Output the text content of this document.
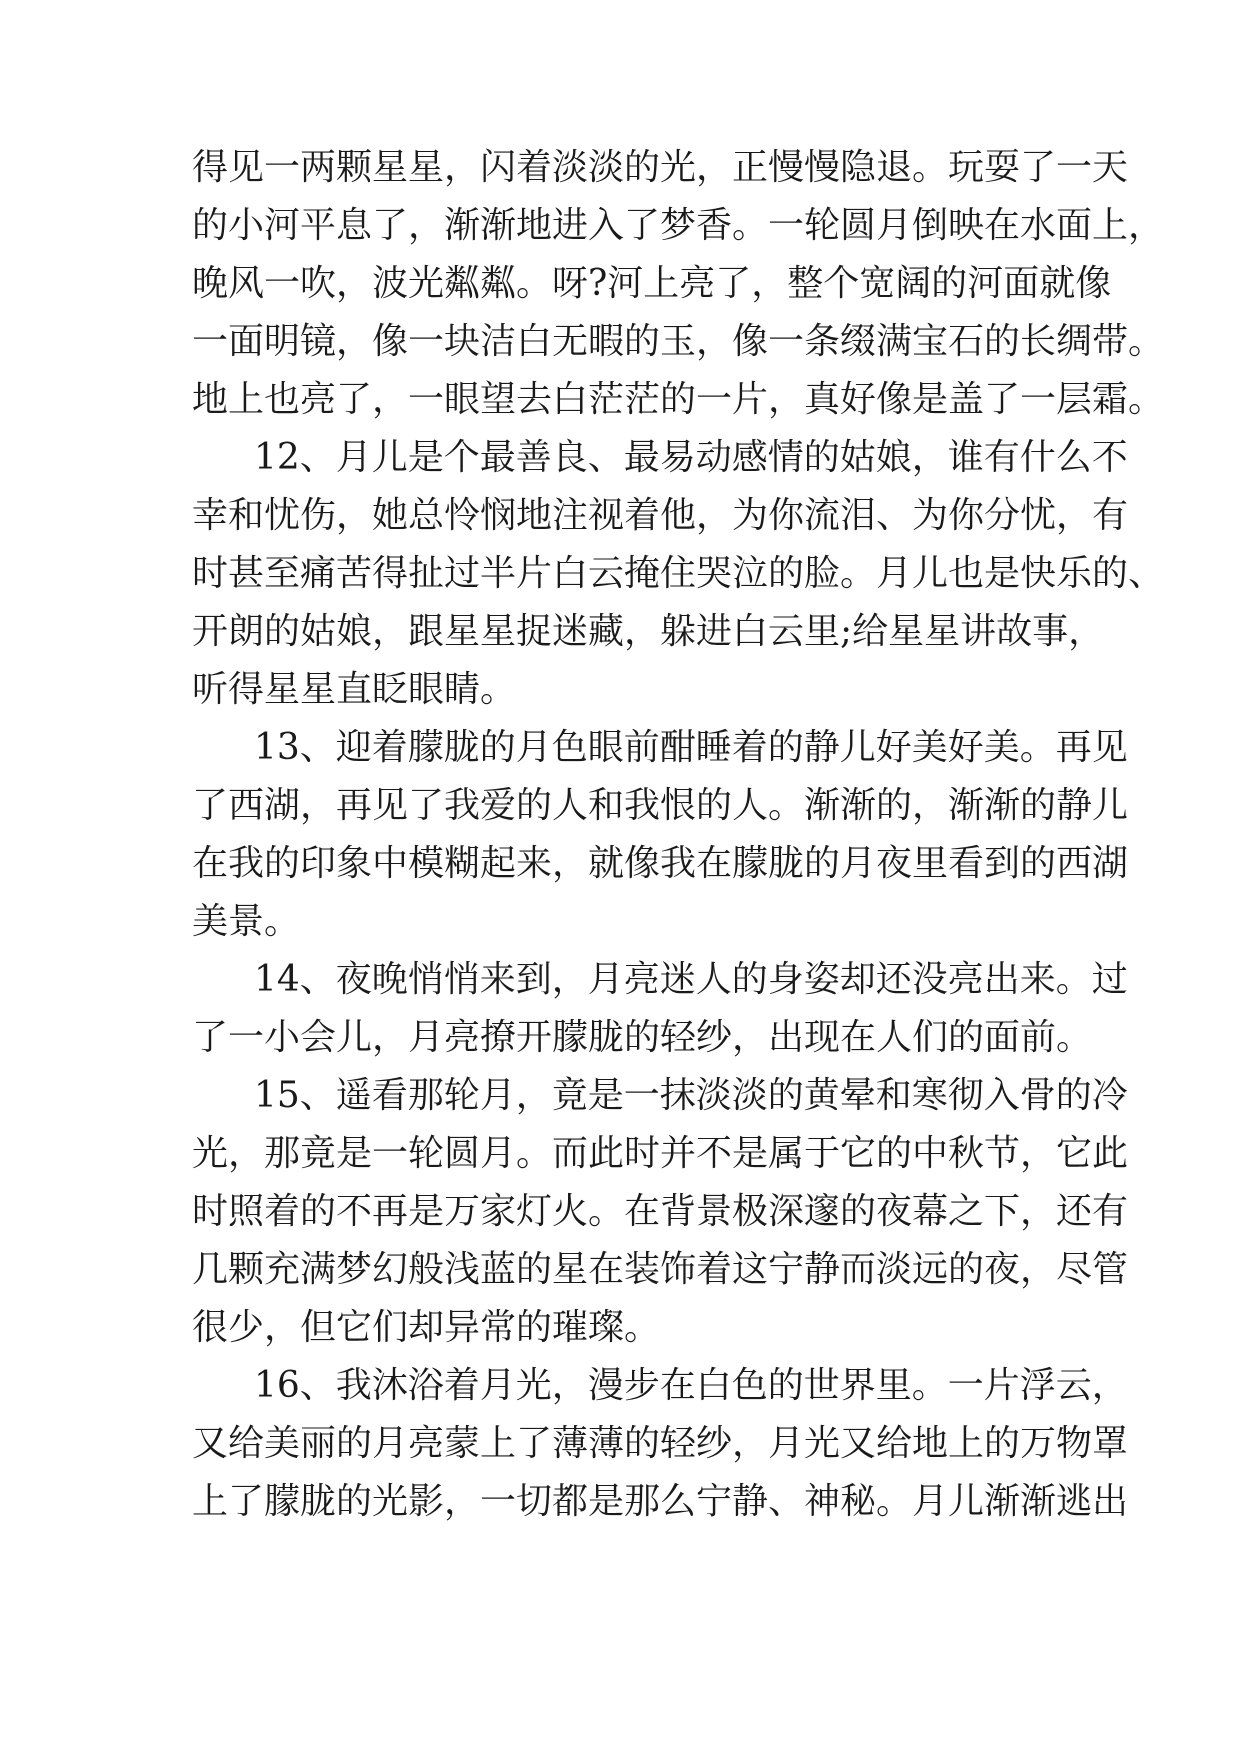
得见一两颗星星，闪着淡淡的光，正慢慢隐退。玩耍了一天
的小河平息了，渐渐地进入了梦香。一轮圆月倒映在水面上，
晚风一吹，波光粼粼。呀?河上亮了，整个宽阔的河面就像
一面明镜，像一块洁白无暇的玉，像一条缀满宝石的长绸带。
地上也亮了，一眼望去白茫茫的一片，真好像是盖了一层霜。
12、月儿是个最善良、最易动感情的姑娘，谁有什么不
幸和忧伤，她总怜悯地注视着他，为你流泪、为你分忧，有
时甚至痛苦得扯过半片白云掩住哭泣的脸。月儿也是快乐的、
开朗的姑娘，跟星星捉迷藏，躲进白云里;给星星讲故事，
听得星星直眨眼睛。
13、迎着朦胧的月色眼前酣睡着的静儿好美好美。再见
了西湖，再见了我爱的人和我恨的人。渐渐的，渐渐的静儿
在我的印象中模糊起来，就像我在朦胧的月夜里看到的西湖
美景。
14、夜晚悄悄来到，月亮迷人的身姿却还没亮出来。过
了一小会儿，月亮撩开朦胧的轻纱，出现在人们的面前。
15、遥看那轮月，竟是一抹淡淡的黄晕和寒彻入骨的冷
光，那竟是一轮圆月。而此时并不是属于它的中秋节，它此
时照着的不再是万家灯火。在背景极深邃的夜幕之下，还有
几颗充满梦幻般浅蓝的星在装饰着这宁静而淡远的夜，尽管
很少，但它们却异常的璀璨。
16、我沐浴着月光，漫步在白色的世界里。一片浮云，
又给美丽的月亮蒙上了薄薄的轻纱，月光又给地上的万物罩
上了朦胧的光影，一切都是那么宁静、神秘。月儿渐渐逃出
